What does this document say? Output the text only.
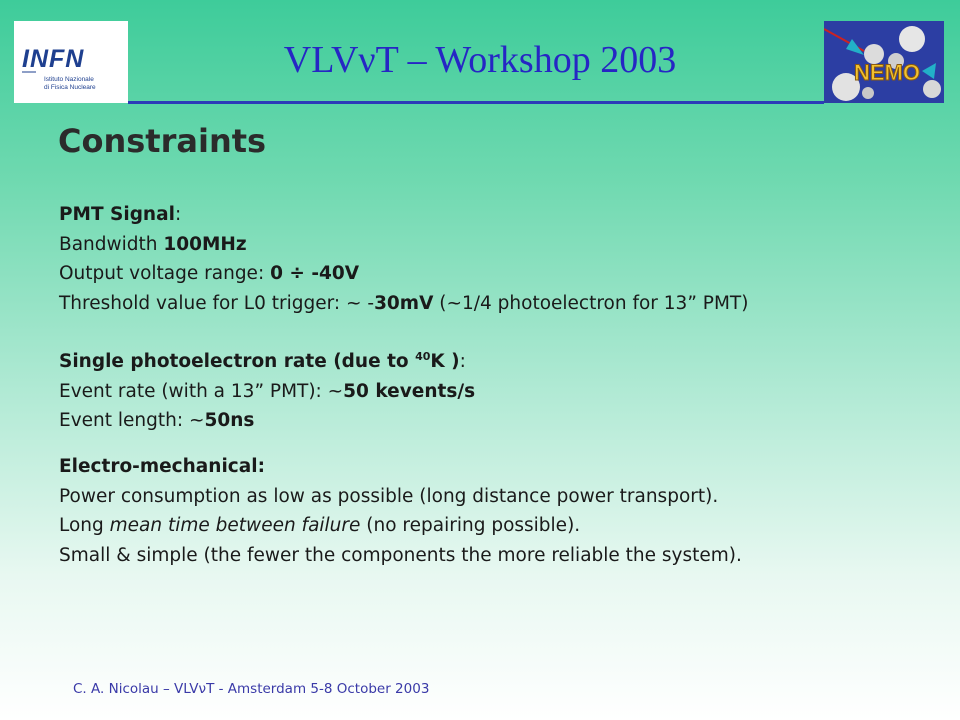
INFN
Istituto Nazionale
di Fisica Nucleare
VLVνT – Workshop 2003	NEMO
Constraints
PMT Signal:
Bandwidth 100MHz
Output voltage range: 0 ÷ -40V
Threshold value for L0 trigger: ~ -30mV (~1/4 photoelectron for 13” PMT)
Single photoelectron rate (due to $^{40}$K ):
Event rate (with a 13” PMT): ~50 kevents/s
Event length: ~50ns
Electro-mechanical:
Power consumption as low as possible (long distance power transport).
Long mean time between failure (no repairing possible).
Small & simple (the fewer the components the more reliable the system).
C. A. Nicolau – VLVνT - Amsterdam 5-8 October 2003
